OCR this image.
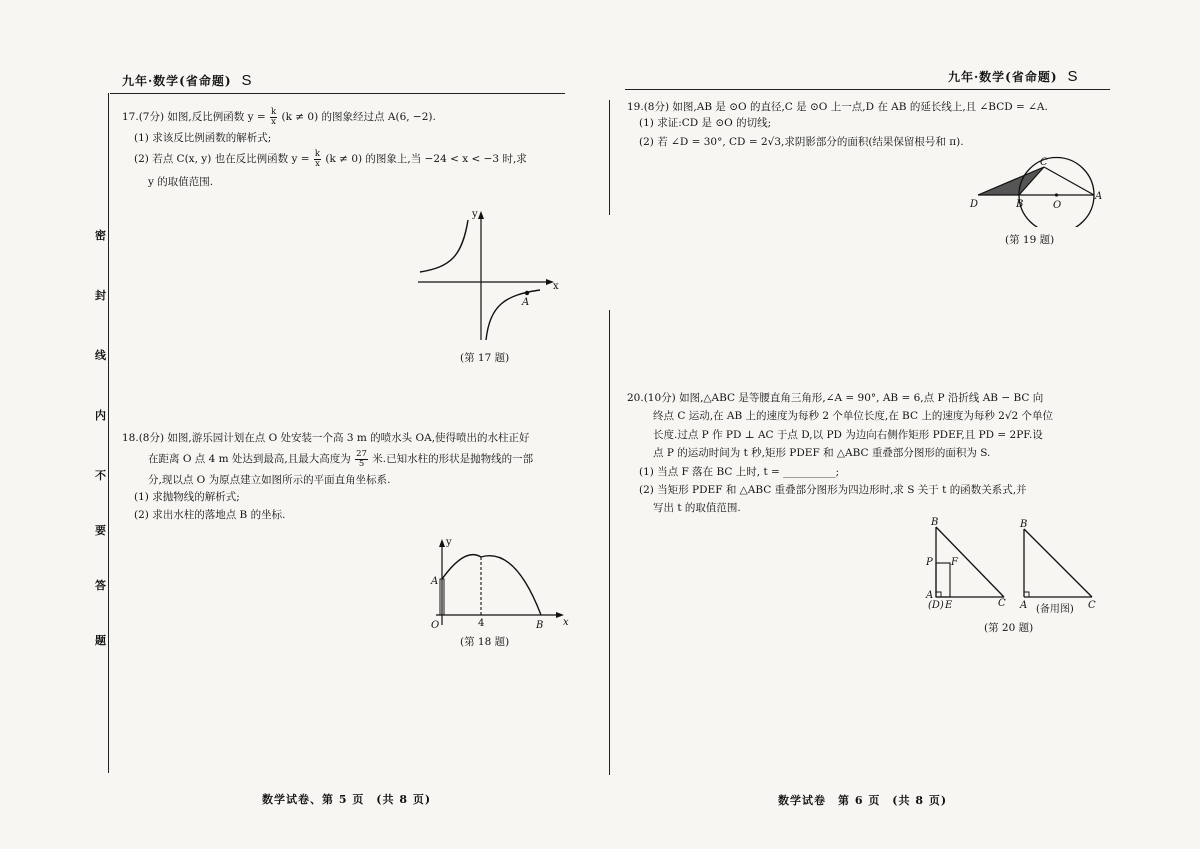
九年·数学(省命题) S
密
封
线
内
不
要
答
题

17.(7分) 如图,反比例函数 $y = \frac{k}{x} (k \ne 0)$ 的图象经过点 A(6, −2).

(1) 求该反比例函数的解析式;

(2) 若点 C(x, y) 也在反比例函数 $y = \frac{k}{x} (k \ne 0)$ 的图象上,当 −24 < x < −3 时,求

y 的取值范围.

y
x
A
(第 17 题)

18.(8分) 如图,游乐园计划在点 O 处安装一个高 3 m 的喷水头 OA,使得喷出的水柱正好

在距离 O 点 4 m 处达到最高,且最大高度为 $\frac{27}{5}$ 米.已知水柱的形状是抛物线的一部

分,现以点 O 为原点建立如图所示的平面直角坐标系.

(1) 求抛物线的解析式;

(2) 求出水柱的落地点 B 的坐标.

y
x
A
O	4	B
(第 18 题)
数学试卷、第 5 页　(共 8 页)
九年·数学(省命题) S

19.(8分) 如图,AB 是 ⊙O 的直径,C 是 ⊙O 上一点,D 在 AB 的延长线上,且 ∠BCD = ∠A.

(1) 求证:CD 是 ⊙O 的切线;

(2) 若 ∠D = 30°, CD = 2√3,求阴影部分的面积(结果保留根号和 π).

C
D	B	O
A
(第 19 题)

20.(10分) 如图,△ABC 是等腰直角三角形,∠A = 90°, AB = 6,点 P 沿折线 AB − BC 向

终点 C 运动,在 AB 上的速度为每秒 2 个单位长度,在 BC 上的速度为每秒 2√2 个单位

长度.过点 P 作 PD ⊥ AC 于点 D,以 PD 为边向右侧作矩形 PDEF,且 PD = 2PF.设

点 P 的运动时间为 t 秒,矩形 PDEF 和 △ABC 重叠部分图形的面积为 S.

(1) 当点 F 落在 BC 上时, t = __________;

(2) 当矩形 PDEF 和 △ABC 重叠部分图形为四边形时,求 S 关于 t 的函数关系式,并

写出 t 的取值范围.

B
P F
A
(D) E	C
B
A	C
(备用图)
(第 20 题)
数学试卷　第 6 页　(共 8 页)
